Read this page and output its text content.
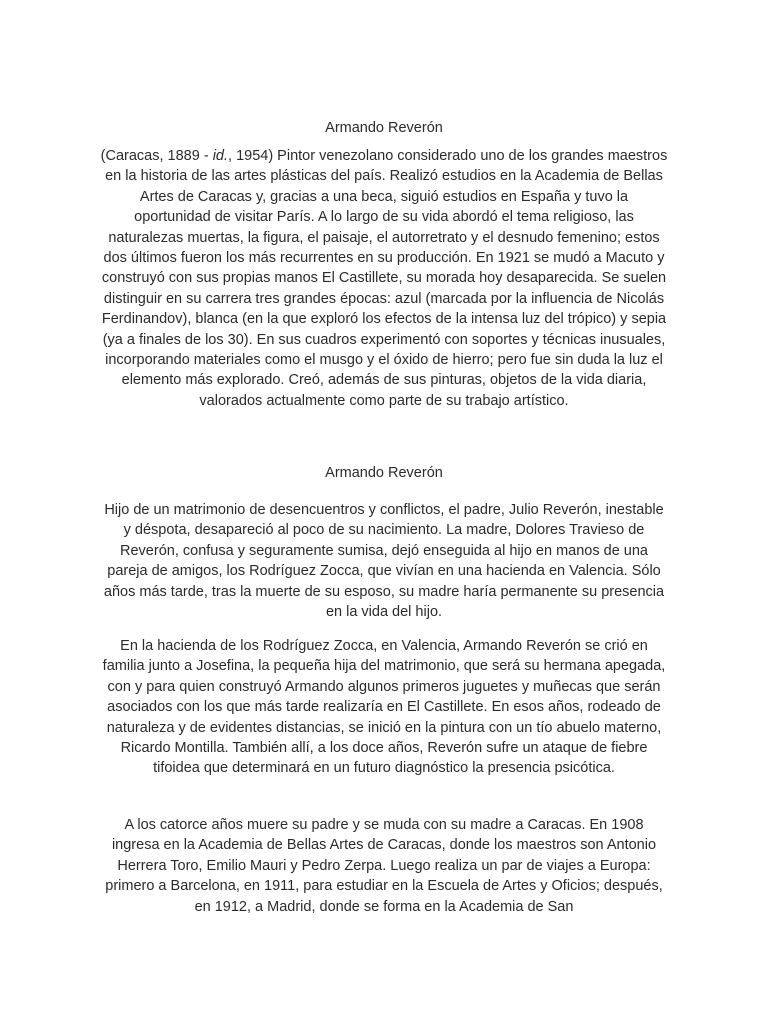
Armando Reverón

(Caracas, 1889 - id., 1954) Pintor venezolano considerado uno de los grandes maestros en la historia de las artes plásticas del país. Realizó estudios en la Academia de Bellas Artes de Caracas y, gracias a una beca, siguió estudios en España y tuvo la oportunidad de visitar París. A lo largo de su vida abordó el tema religioso, las naturalezas muertas, la figura, el paisaje, el autorretrato y el desnudo femenino; estos dos últimos fueron los más recurrentes en su producción. En 1921 se mudó a Macuto y construyó con sus propias manos El Castillete, su morada hoy desaparecida. Se suelen distinguir en su carrera tres grandes épocas: azul (marcada por la influencia de Nicolás Ferdinandov), blanca (en la que exploró los efectos de la intensa luz del trópico) y sepia (ya a finales de los 30). En sus cuadros experimentó con soportes y técnicas inusuales, incorporando materiales como el musgo y el óxido de hierro; pero fue sin duda la luz el elemento más explorado. Creó, además de sus pinturas, objetos de la vida diaria, valorados actualmente como parte de su trabajo artístico.

Armando Reverón

Hijo de un matrimonio de desencuentros y conflictos, el padre, Julio Reverón, inestable y déspota, desapareció al poco de su nacimiento. La madre, Dolores Travieso de Reverón, confusa y seguramente sumisa, dejó enseguida al hijo en manos de una pareja de amigos, los Rodríguez Zocca, que vivían en una hacienda en Valencia. Sólo años más tarde, tras la muerte de su esposo, su madre haría permanente su presencia en la vida del hijo.

En la hacienda de los Rodríguez Zocca, en Valencia, Armando Reverón se crió en familia junto a Josefina, la pequeña hija del matrimonio, que será su hermana apegada, con y para quien construyó Armando algunos primeros juguetes y muñecas que serán asociados con los que más tarde realizaría en El Castillete. En esos años, rodeado de naturaleza y de evidentes distancias, se inició en la pintura con un tío abuelo materno, Ricardo Montilla. También allí, a los doce años, Reverón sufre un ataque de fiebre tifoidea que determinará en un futuro diagnóstico la presencia psicótica.

A los catorce años muere su padre y se muda con su madre a Caracas. En 1908 ingresa en la Academia de Bellas Artes de Caracas, donde los maestros son Antonio Herrera Toro, Emilio Mauri y Pedro Zerpa. Luego realiza un par de viajes a Europa: primero a Barcelona, en 1911, para estudiar en la Escuela de Artes y Oficios; después, en 1912, a Madrid, donde se forma en la Academia de San
